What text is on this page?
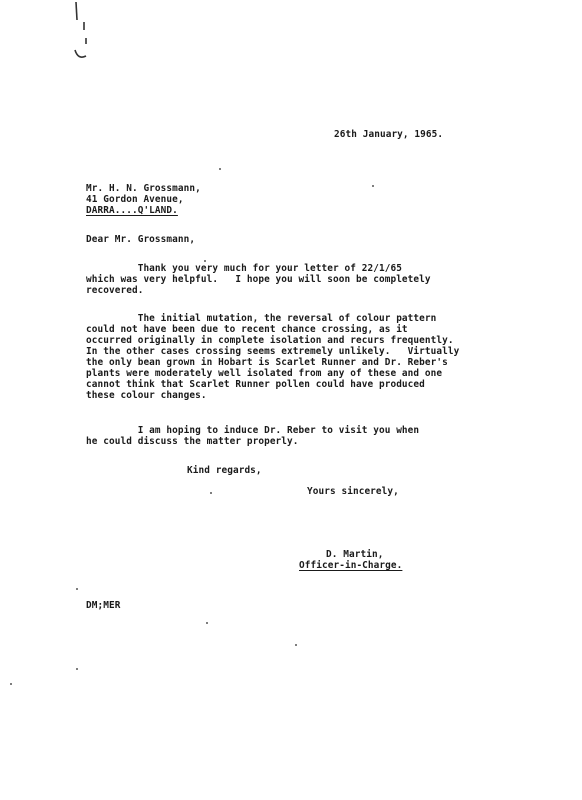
26th January, 1965.
Mr. H. N. Grossmann,
41 Gordon Avenue,
DARRA....Q'LAND.
Dear Mr. Grossmann,
Thank you very much for your letter of 22/1/65
which was very helpful.   I hope you will soon be completely
recovered.
The initial mutation, the reversal of colour pattern
could not have been due to recent chance crossing, as it
occurred originally in complete isolation and recurs frequently.
In the other cases crossing seems extremely unlikely.   Virtually
the only bean grown in Hobart is Scarlet Runner and Dr. Reber's
plants were moderately well isolated from any of these and one
cannot think that Scarlet Runner pollen could have produced
these colour changes.
I am hoping to induce Dr. Reber to visit you when
he could discuss the matter properly.
Kind regards,
Yours sincerely,
D. Martin,
Officer-in-Charge.
DM;MER
